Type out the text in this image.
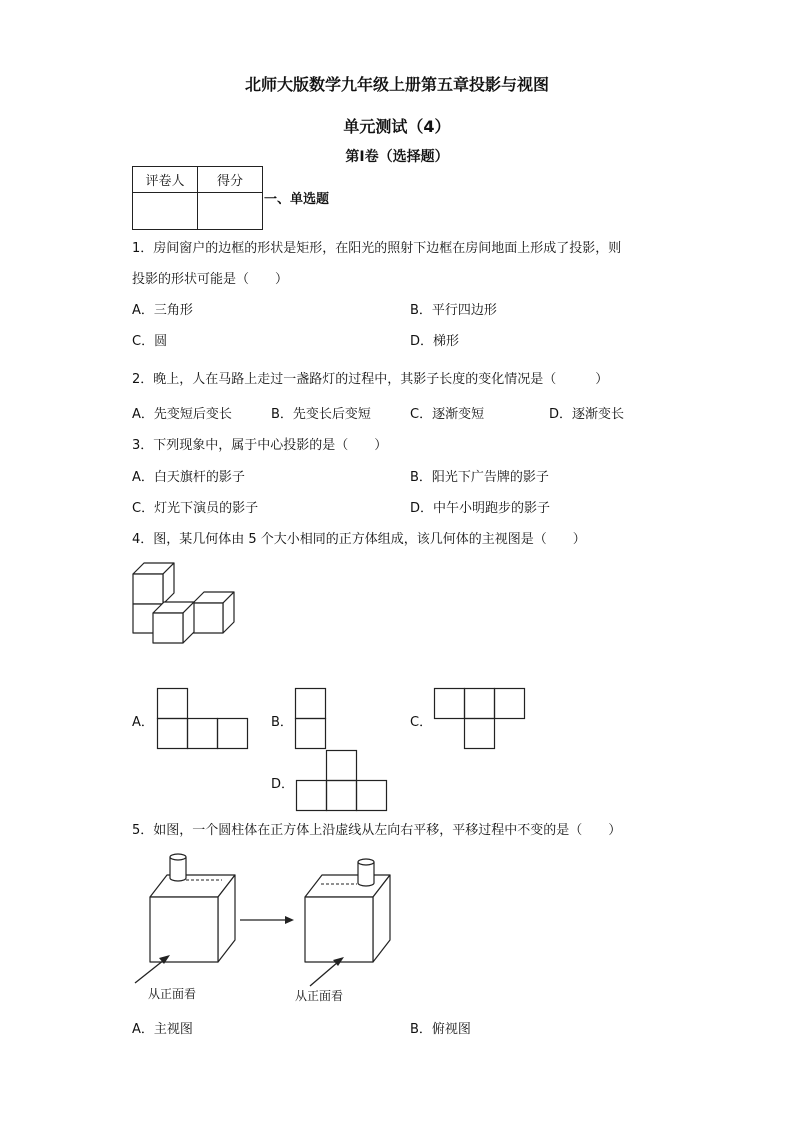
北师大版数学九年级上册第五章投影与视图
单元测试（4）
第Ⅰ卷（选择题）
评卷人	得分

一、单选题
1．房间窗户的边框的形状是矩形，在阳光的照射下边框在房间地面上形成了投影，则
投影的形状可能是（　　）
A．三角形	B．平行四边形
C．圆	D．梯形
2．晚上，人在马路上走过一盏路灯的过程中，其影子长度的变化情况是（　　　）
A．先变短后变长	B．先变长后变短	C．逐渐变短	D．逐渐变长
3．下列现象中，属于中心投影的是（　　）
A．白天旗杆的影子	B．阳光下广告牌的影子
C．灯光下演员的影子	D．中午小明跑步的影子
4．图，某几何体由 5 个大小相同的正方体组成，该几何体的主视图是（　　）
A．	B．	C．
D．
5．如图，一个圆柱体在正方体上沿虚线从左向右平移，平移过程中不变的是（　　）
从正面看	从正面看
A．主视图	B．俯视图
